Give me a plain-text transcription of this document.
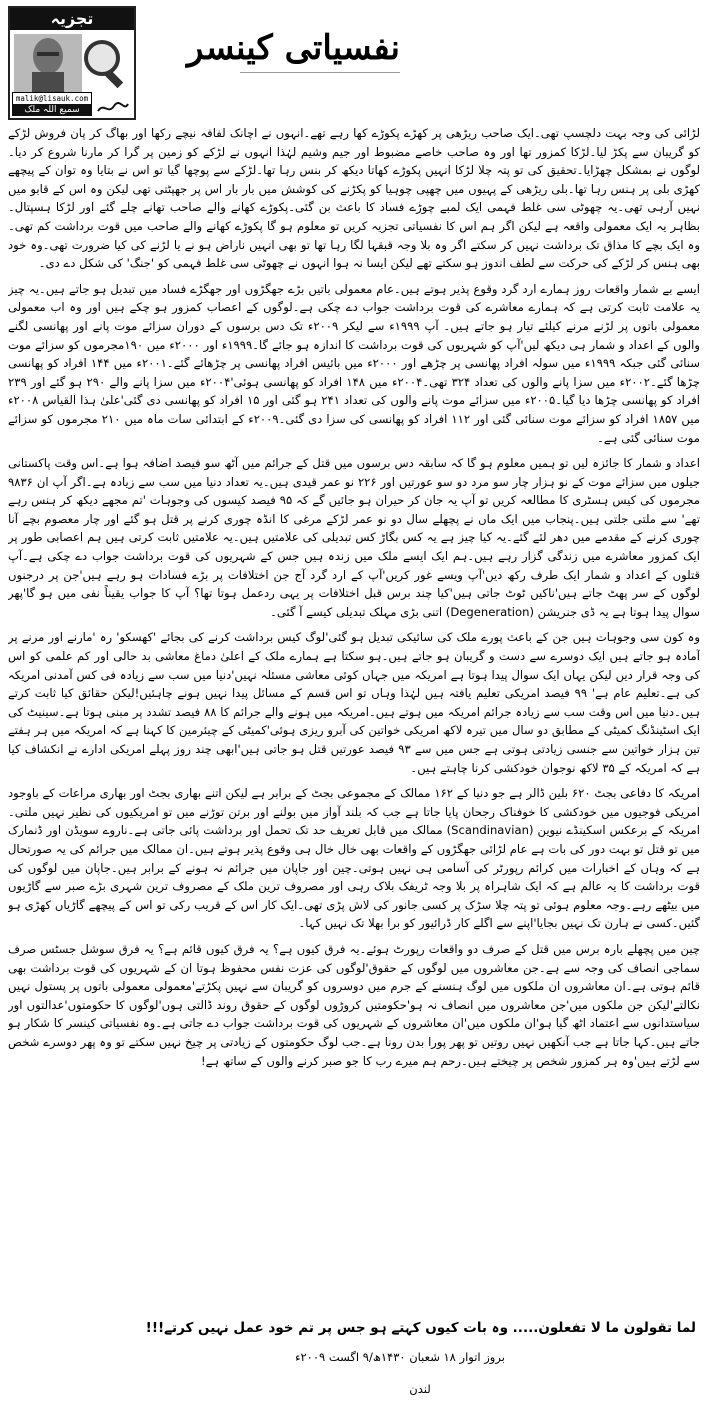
تجزیہ
malik@lisauk.com
سمیع اللہ ملک
نفسیاتی کینسر

لڑائی کی وجہ بہت دلچسپ تھی۔ایک صاحب ریڑھی پر کھڑے پکوڑے کھا رہے تھے۔انہوں نے اچانک لفافہ نیچے رکھا اور بھاگ کر پان فروش لڑکے کو گریبان سے پکڑ لیا۔لڑکا کمزور تھا اور وہ صاحب خاصے مضبوط اور جیم وشیم لہٰذا انہوں نے لڑکے کو زمین پر گرا کر مارنا شروع کر دیا۔لوگوں نے بمشکل چھڑایا۔تحقیق کی تو پتہ چلا لڑکا انہیں پکوڑے کھاتا دیکھ کر بنس رہا تھا۔لڑکے سے پوچھا گیا تو اس نے بتایا وہ توان کے پیچھے کھڑی بلی پر ہنس رہا تھا۔بلی ریڑھی کے پہیوں میں چھپی چوہیا کو پکڑنے کی کوشش میں بار بار اس پر جھپٹتی تھی لیکن وہ اس کے قابو میں نہیں آرہی تھی۔یہ چھوٹی سی غلط فہمی ایک لمبے چوڑے فساد کا باعث بن گئی۔پکوڑے کھانے والے صاحب تھانے چلے گئے اور لڑکا ہسپتال۔ بظاہر یہ ایک معمولی واقعہ ہے لیکن اگر ہم اس کا نفسیاتی تجزیہ کریں تو معلوم ہو گا پکوڑے کھانے والے صاحب میں قوت برداشت کم تھی۔وہ ایک بچے کا مذاق تک برداشت نہیں کر سکتے اگر وہ بلا وجہ قبقہا لگا رہا تھا تو بھی انہیں ناراض ہو نے یا لڑنے کی کیا ضرورت تھی۔وہ خود بھی ہنس کر لڑکے کی حرکت سے لطف اندوز ہو سکتے تھے لیکن ایسا نہ ہوا انہوں نے چھوٹی سی غلط فہمی کو 'جنگ' کی شکل دے دی۔

ایسے بے شمار واقعات روز ہمارے ارد گرد وقوع پذیر ہوتے ہیں۔عام معمولی باتیں بڑے جھگڑوں اور جھگڑے فساد میں تبدیل ہو جاتے ہیں۔یہ چیز یہ علامت ثابت کرتی ہے کہ ہمارے معاشرے کی قوت برداشت جواب دے چکی ہے۔لوگوں کے اعصاب کمزور ہو چکے ہیں اور وہ اب معمولی معمولی باتوں پر لڑنے مرنے کیلئے تیار ہو جاتے ہیں۔ آپ ۱۹۹۹ء سے لیکر ۲۰۰۹ء تک دس برسوں کے دوران سزائے موت پانے اور پھانسی لگنے والوں کے اعداد و شمار ہی دیکھ لیں'آپ کو شہریوں کی قوت برداشت کا اندازہ ہو جائے گا۔۱۹۹۹ء اور ۲۰۰۰ء میں ۱۹۰مجرموں کو سزائے موت سنائی گئی جبکہ ۱۹۹۹ء میں سولہ افراد پھانسی پر چڑھے اور ۲۰۰۰ء میں بائیس افراد پھانسی پر چڑھائے گئے۔۲۰۰۱ء میں ۱۴۴ افراد کو پھانسی چڑھا گئے۔۲۰۰۲ء میں سزا پانے والوں کی تعداد ۳۲۴ تھی۔۲۰۰۴ء میں ۱۴۸ افراد کو پھانسی ہوئی'۲۰۰۴ء میں سزا پانے والے ۲۹۰ ہو گئے اور ۲۳۹ افراد کو پھانسی چڑھا دیا گیا۔۲۰۰۵ء میں سزائے موت پانے والوں کی تعداد ۲۴۱ ہو گئی اور ۱۵ افراد کو پھانسی دی گئی'علیٰ ہذا القیاس ۲۰۰۸ء میں ۱۸۵۷ افراد کو سزائے موت سنائی گئی اور ۱۱۲ افراد کو پھانسی کی سزا دی گئی۔۲۰۰۹ء کے ابتدائی سات ماہ میں ۲۱۰ مجرموں کو سزائے موت سنائی گئی ہے۔

اعداد و شمار کا جائزہ لیں تو ہمیں معلوم ہو گا کہ سابقہ دس برسوں میں قتل کے جرائم میں آٹھ سو فیصد اضافہ ہوا ہے۔اس وقت پاکستانی جیلوں میں سزائے موت کے نو ہزار چار سو مرد دو سو عورتیں اور ۲۲۶ نو عمر قیدی ہیں۔یہ تعداد دنیا میں سب سے زیادہ ہے۔اگر آپ ان ۹۸۳۶ مجرموں کی کیس ہسٹری کا مطالعہ کریں تو آپ یہ جان کر حیران ہو جائیں گے کہ ۹۵ فیصد کیسوں کی وجوہات 'تم مجھے دیکھ کر ہنس رہے تھے' سے ملتی جلتی ہیں۔پنجاب میں ایک ماں نے پچھلے سال دو نو عمر لڑکے مرغی کا انڈہ چوری کرنے پر قتل ہو گئے اور چار معصوم بچے آنا چوری کرنے کے مقدمے میں دھر لئے گئے۔یہ کیا چیز ہے یہ کس بگاڑ کس تبدیلی کی علامتیں ہیں۔یہ علامتیں ثابت کرتی ہیں ہم اعصابی طور پر ایک کمزور معاشرے میں زندگی گزار رہے ہیں۔ہم ایک ایسے ملک میں زندہ ہیں جس کے شہریوں کی قوت برداشت جواب دے چکی ہے۔آپ قتلوں کے اعداد و شمار ایک طرف رکھ دیں'آپ ویسے غور کریں'آپ کے ارد گرد آج جن اختلافات پر بڑے فسادات ہو رہے ہیں'جن پر درجنوں لوگوں کے سر پھٹ جاتے ہیں'ناکیں ٹوٹ جاتی ہیں'کیا چند برس قبل اختلافات پر یہی ردعمل ہوتا تھا؟ آپ کا جواب یقیناً نفی میں ہو گا'پھر سوال پیدا ہوتا ہے یہ ڈی جنریشن (Degeneration) اتنی بڑی مہلک تبدیلی کیسے آ گئی۔

وہ کون سی وجوہات ہیں جن کے باعث پورے ملک کی سائیکی تبدیل ہو گئی'لوگ کیس برداشت کرنے کی بجائے 'کھسکو' رہ 'مارنے اور مرنے پر آمادہ ہو جاتے ہیں ایک دوسرے سے دست و گریبان ہو جاتے ہیں۔ہو سکتا ہے ہمارے ملک کے اعلیٰ دماغ معاشی بد حالی اور کم علمی کو اس کی وجہ قرار دیں لیکن یہاں ایک سوال پیدا ہوتا ہے امریکہ میں جہاں کوئی معاشی مسئلہ نہیں'دنیا میں سب سے زیادہ فی کس آمدنی امریکہ کی ہے۔تعلیم عام ہے' ۹۹ فیصد امریکی تعلیم یافتہ ہیں لہٰذا وہاں تو اس قسم کے مسائل پیدا نہیں ہونے چاہئیں!لیکن حقائق کیا ثابت کرتے ہیں۔دنیا میں اس وقت سب سے زیادہ جرائم امریکہ میں ہوتے ہیں۔امریکہ میں ہونے والے جرائم کا ۸۸ فیصد تشدد پر مبنی ہوتا ہے۔سینیٹ کی ایک اسٹینڈنگ کمیٹی کے مطابق دو سال میں تیرہ لاکھ امریکی خواتین کی آبرو ریزی ہوئی'کمیٹی کے چیئرمین کا کہنا ہے کہ امریکہ میں ہر ہفتے تین ہزار خواتین سے جنسی زیادتی ہوتی ہے جس میں سے ۹۳ فیصد عورتیں قتل ہو جاتی ہیں'ابھی چند روز پہلے امریکی ادارے نے انکشاف کیا ہے کہ امریکہ کے ۳۵ لاکھ نوجوان خودکشی کرنا چاہتے ہیں۔

امریکہ کا دفاعی بجٹ ۶۲۰ بلین ڈالر ہے جو دنیا کے ۱۶۲ ممالک کے مجموعی بجٹ کے برابر ہے لیکن اتنے بھاری بجٹ اور بھاری مراعات کے باوجود امریکی فوجیوں میں خودکشی کا خوفناک رجحان پایا جاتا ہے جب کہ بلند آواز میں بولنے اور برتن توڑنے میں تو امریکیوں کی نظیر نہیں ملتی۔امریکہ کے برعکس اسکینڈے نیوین (Scandinavian) ممالک میں قابل تعریف حد تک تحمل اور برداشت پائی جاتی ہے۔ناروے سویڈن اور ڈنمارک میں تو قتل تو بہت دور کی بات ہے عام لڑائی جھگڑوں کے واقعات بھی خال خال ہی وقوع پذیر ہوتے ہیں۔ان ممالک میں جرائم کی یہ صورتحال ہے کہ وہاں کے اخبارات میں کرائم رپورٹر کی آسامی ہی نہیں ہوتی۔چین اور جاپان میں جرائم نہ ہونے کے برابر ہیں۔جاپان میں لوگوں کی قوت برداشت کا یہ عالم ہے کہ ایک شاہراہ پر بلا وجہ ٹریفک بلاک رہی اور مصروف ترین ملک کے مصروف ترین شہری بڑے صبر سے گاڑیوں میں بیٹھے رہے۔وجہ معلوم ہوئی تو پتہ چلا سڑک پر کسی جانور کی لاش پڑی تھی۔ایک کار اس کے قریب رکی تو اس کے پیچھے گاڑیاں کھڑی ہو گئیں۔کسی نے ہارن تک نہیں بجایا'اپنے سے اگلے کار ڈرائیور کو برا بھلا تک نہیں کہا۔

چین میں پچھلے بارہ برس میں قتل کے صرف دو واقعات رپورٹ ہوئے۔یہ فرق کیوں ہے؟ یہ فرق کیوں قائم ہے؟ یہ فرق سوشل جسٹس صرف سماجی انصاف کی وجہ سے ہے۔جن معاشروں میں لوگوں کے حقوق'لوگوں کی عزت نفس محفوظ ہوتا ان کے شہریوں کی قوت برداشت بھی قائم ہوتی ہے۔ان معاشروں ان ملکوں میں لوگ ہنسنے کے جرم میں دوسروں کو گریبان سے نہیں پکڑتے'معمولی معمولی باتوں پر پستول نہیں نکالتے'لیکن جن ملکوں میں'جن معاشروں میں انصاف نہ ہو'حکومتیں کروڑوں لوگوں کے حقوق روند ڈالتی ہوں'لوگوں کا حکومتوں'عدالتوں اور سیاستدانوں سے اعتماد اٹھ گیا ہو'ان ملکوں میں'ان معاشروں کے شہریوں کی قوت برداشت جواب دے جاتی ہے۔وہ نفسیاتی کینسر کا شکار ہو جاتے ہیں۔کہا جاتا ہے جب آنکھیں نہیں روتیں تو پھر پورا بدن رونا ہے۔جب لوگ حکومتوں کے زیادتی پر چیخ نہیں سکتے تو وہ پھر دوسرے شخص سے لڑتے ہیں'وہ ہر کمزور شخص پر چیختے ہیں۔رحم ہم میرے رب کا جو صبر کرنے والوں کے ساتھ ہے!

لما تقولون ما لا تفعلون..... وہ بات کیوں کہتے ہو جس پر تم خود عمل نہیں کرتے!!!
بروز اتوار ۱۸ شعبان ۱۴۳۰ھ/۹ اگست ۲۰۰۹ء
لندن
